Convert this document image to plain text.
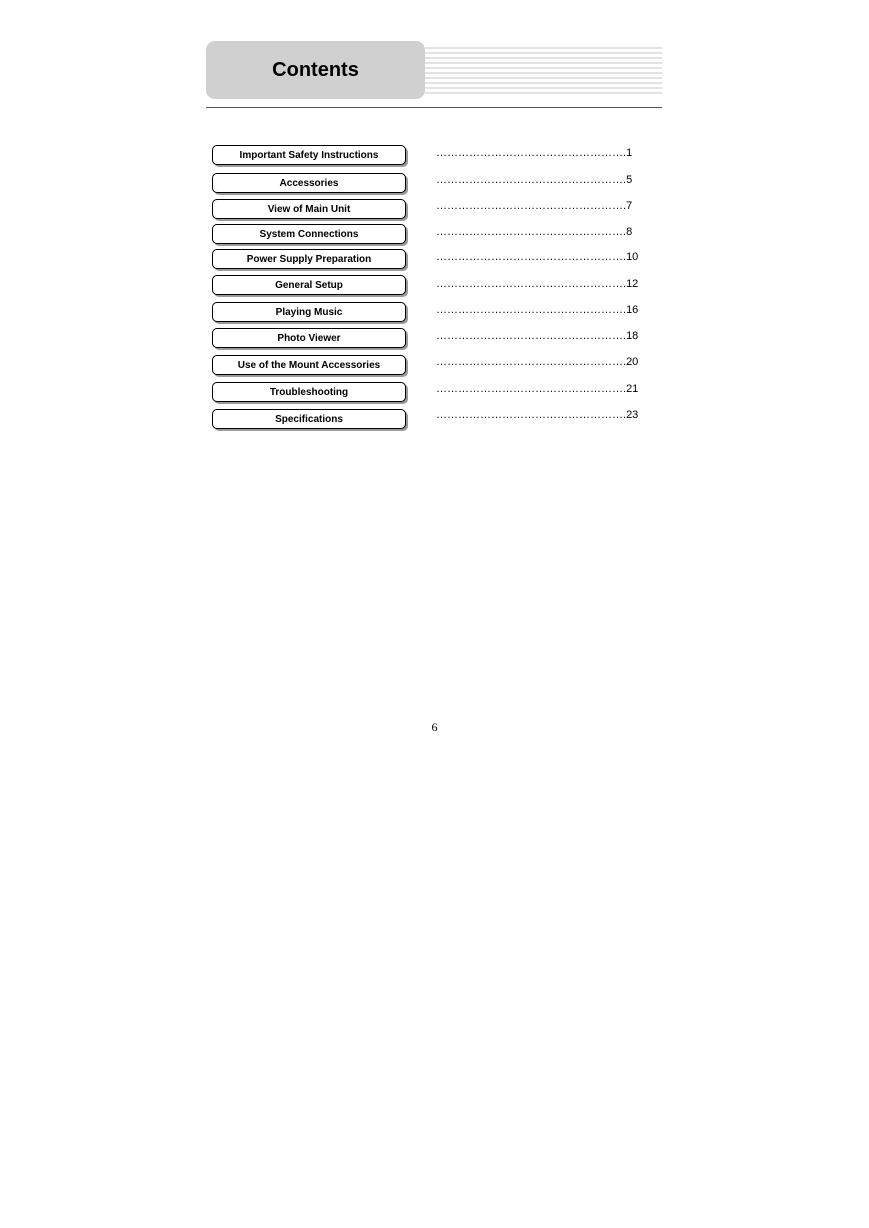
Contents
Important Safety Instructions
Accessories
View of Main Unit
System Connections
Power Supply Preparation
General Setup
Playing Music
Photo Viewer
Use of the Mount Accessories
Troubleshooting
Specifications
…………………………………………….1
…………………………………………….5
…………………………………………….7
…………………………………………….8
…………………………………………….10
…………………………………………….12
…………………………………………….16
…………………………………………….18
…………………………………………….20
…………………………………………….21
…………………………………………….23
6
